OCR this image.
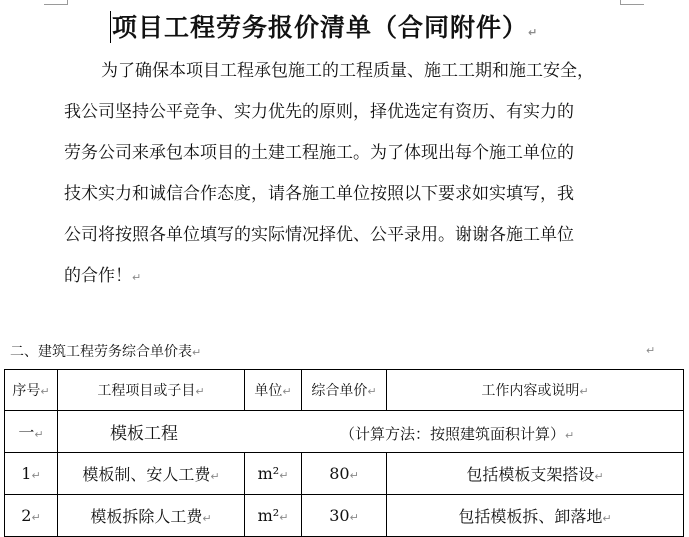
项目工程劳务报价清单（合同附件）↵

为了确保本项目工程承包施工的工程质量、施工工期和施工安全，
我公司坚持公平竞争、实力优先的原则，择优选定有资历、有实力的
劳务公司来承包本项目的土建工程施工。为了体现出每个施工单位的
技术实力和诚信合作态度，请各施工单位按照以下要求如实填写，我
公司将按照各单位填写的实际情况择优、公平录用。谢谢各施工单位
的合作！↵

二、建筑工程劳务综合单价表↵	↵
序号↵	工程项目或子目↵	单位↵	综合单价↵	工作内容或说明↵
一↵	模板工程 （计算方法：按照建筑面积计算）↵			
1↵	模板制、安人工费↵	m²↵	80↵	包括模板支架搭设↵
2↵	模板拆除人工费↵	m²↵	30↵	包括模板拆、卸落地↵
